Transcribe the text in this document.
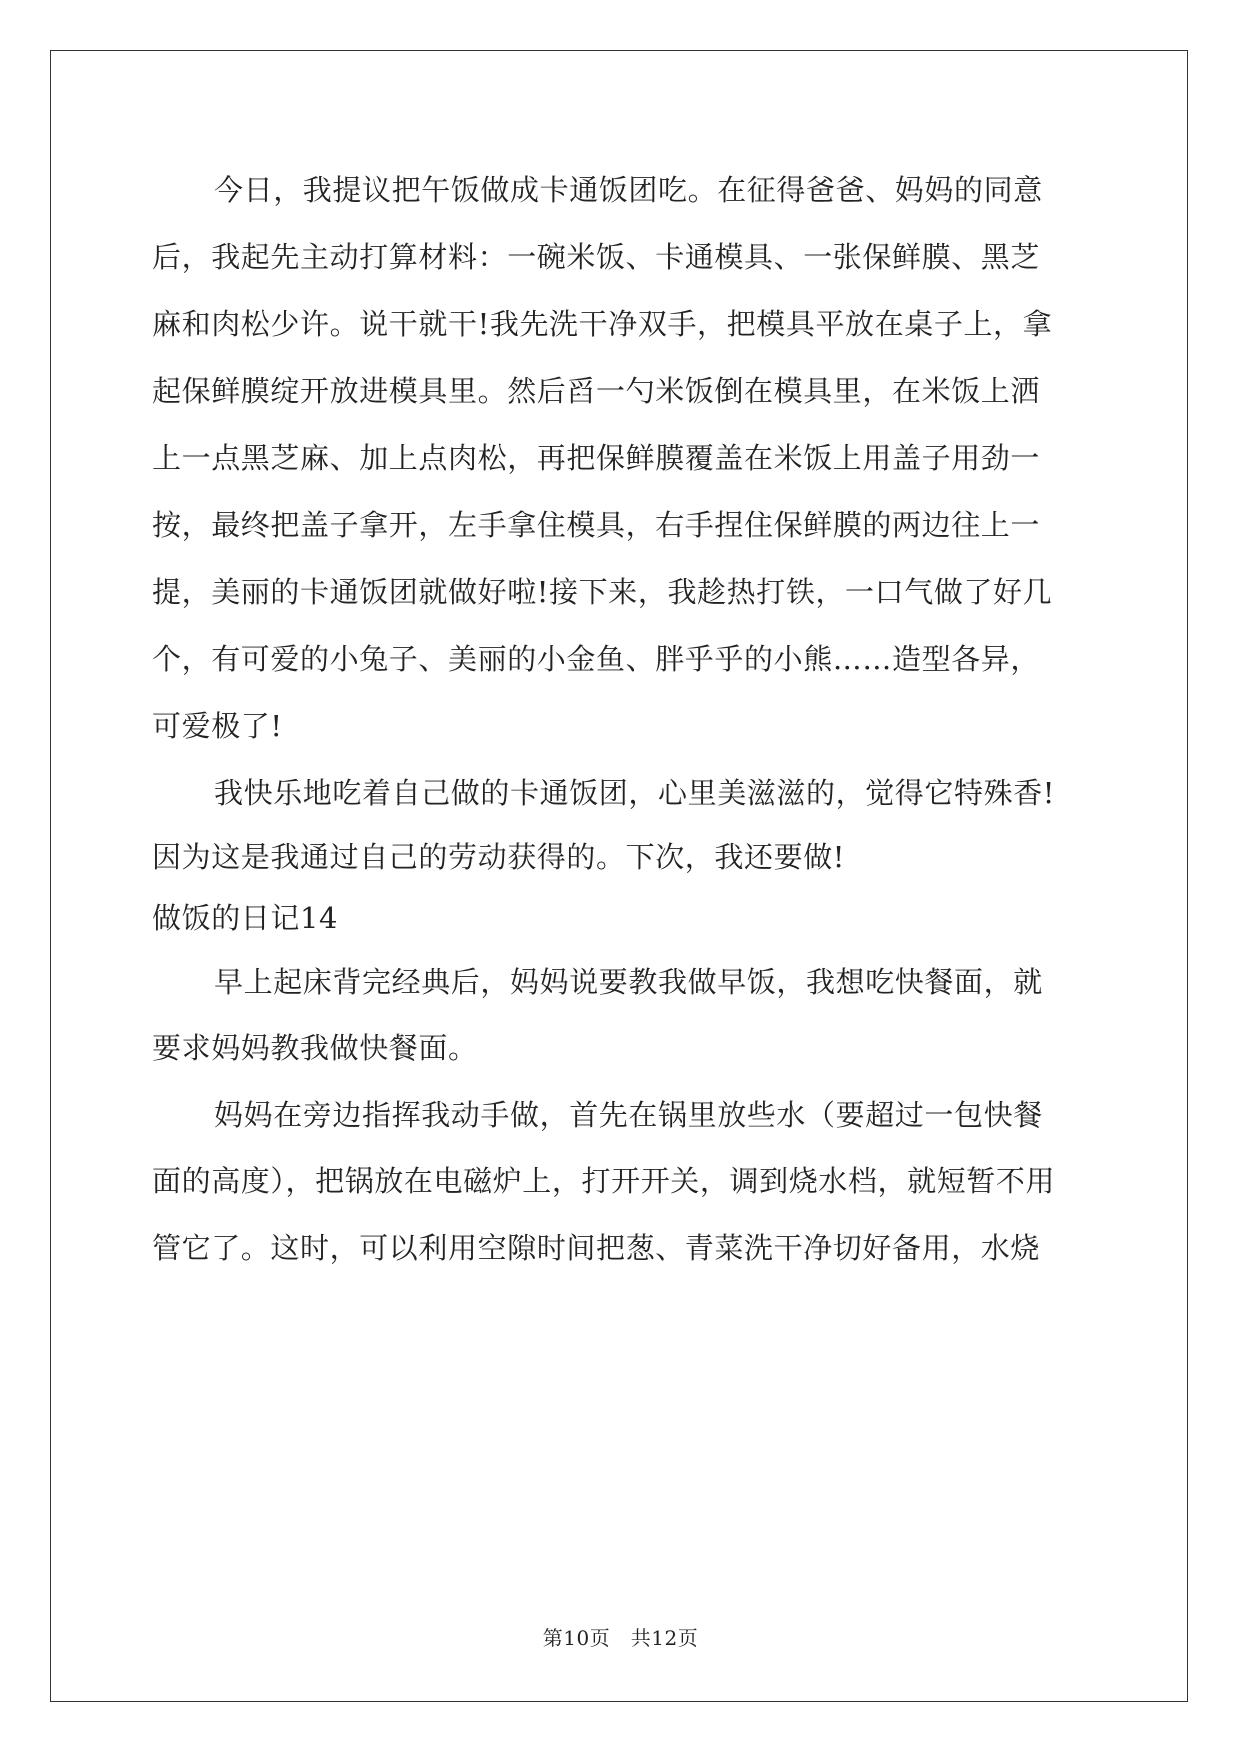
今日，我提议把午饭做成卡通饭团吃。在征得爸爸、妈妈的同意
后，我起先主动打算材料：一碗米饭、卡通模具、一张保鲜膜、黑芝
麻和肉松少许。说干就干!我先洗干净双手，把模具平放在桌子上，拿
起保鲜膜绽开放进模具里。然后舀一勺米饭倒在模具里，在米饭上洒
上一点黑芝麻、加上点肉松，再把保鲜膜覆盖在米饭上用盖子用劲一
按，最终把盖子拿开，左手拿住模具，右手捏住保鲜膜的两边往上一
提，美丽的卡通饭团就做好啦!接下来，我趁热打铁，一口气做了好几
个，有可爱的小兔子、美丽的小金鱼、胖乎乎的小熊……造型各异，
可爱极了!
我快乐地吃着自己做的卡通饭团，心里美滋滋的，觉得它特殊香!
因为这是我通过自己的劳动获得的。下次，我还要做!
做饭的日记14
早上起床背完经典后，妈妈说要教我做早饭，我想吃快餐面，就
要求妈妈教我做快餐面。
妈妈在旁边指挥我动手做，首先在锅里放些水（要超过一包快餐
面的高度），把锅放在电磁炉上，打开开关，调到烧水档，就短暂不用
管它了。这时，可以利用空隙时间把葱、青菜洗干净切好备用，水烧
第10页　共12页
